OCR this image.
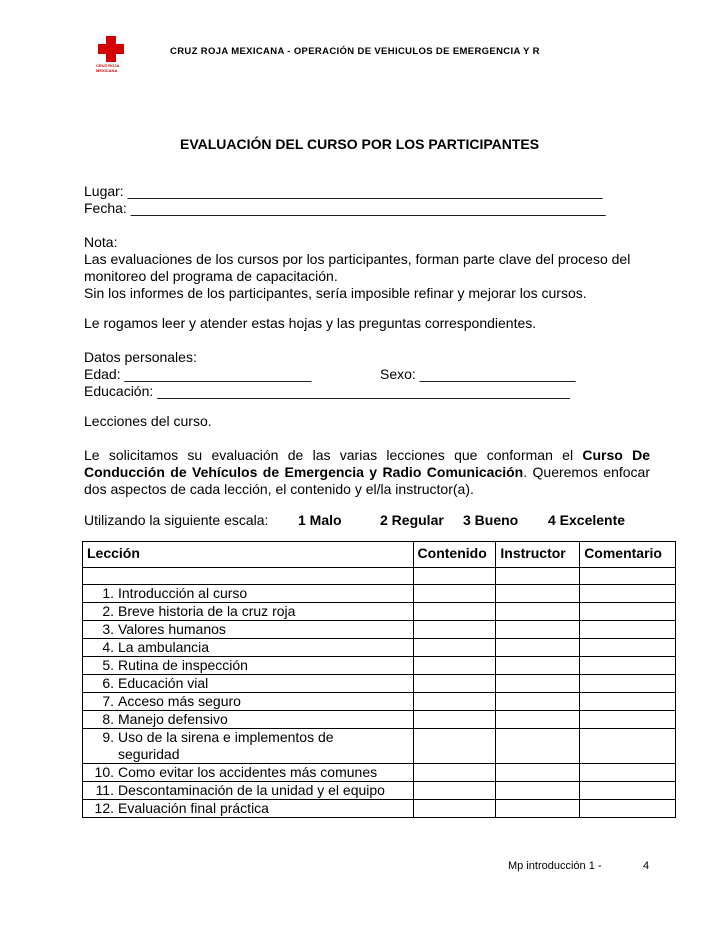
CRUZ ROJA MEXICANA
CRUZ ROJA MEXICANA - OPERACIÓN DE VEHICULOS DE EMERGENCIA Y R
EVALUACIÓN DEL CURSO POR LOS PARTICIPANTES
Lugar: _____________________________________________________________
Fecha: _____________________________________________________________
Nota:
Las evaluaciones de los cursos por los participantes, forman parte clave del proceso del
monitoreo del programa de capacitación.
Sin los informes de los participantes, sería imposible refinar y mejorar los cursos.
Le rogamos leer y atender estas hojas y las preguntas correspondientes.
Datos personales:
Edad: ________________________	Sexo: ____________________
Educación: _____________________________________________________
Lecciones del curso.
Le solicitamos su evaluación de las varias lecciones que conforman el Curso De Conducción de Vehículos de Emergencia y Radio Comunicación. Queremos enfocar dos aspectos de cada lección, el contenido y el/la instructor(a).
Utilizando la siguiente escala: 1 Malo	2 Regular 3 Bueno 4 Excelente
Lección	Contenido	Instructor	Comentario

1. Introducción al curso			

2. Breve historia de la cruz roja			

3. Valores humanos			

4. La ambulancia			

5. Rutina de inspección			

6. Educación vial			

7. Acceso más seguro			

8. Manejo defensivo			

9. Uso de la sirena e implementos de seguridad			

10. Como evitar los accidentes más comunes			

11. Descontaminación de la unidad y el equipo			

12. Evaluación final práctica			

Mp introducción 1 -	4
